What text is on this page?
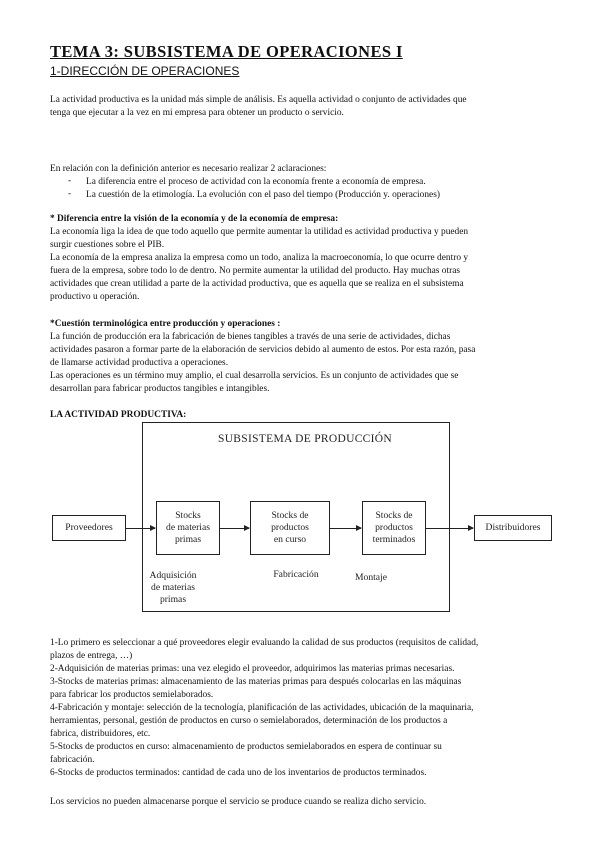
TEMA 3: SUBSISTEMA DE OPERACIONES I
1-DIRECCIÓN DE OPERACIONES
La actividad productiva es la unidad más simple de análisis. Es aquella actividad o conjunto de actividades que
tenga que ejecutar a la vez en mi empresa para obtener un producto o servicio.
En relación con la definición anterior es necesario realizar 2 aclaraciones:
- La diferencia entre el proceso de actividad con la economía frente a economía de empresa.
- La cuestión de la etimología. La evolución con el paso del tiempo (Producción y. operaciones)
* Diferencia entre la visión de la economía y de la economía de empresa:
La economía liga la idea de que todo aquello que permite aumentar la utilidad es actividad productiva y pueden
surgir cuestiones sobre el PIB.
La economía de la empresa analiza la empresa como un todo, analiza la macroeconomía, lo que ocurre dentro y
fuera de la empresa, sobre todo lo de dentro. No permite aumentar la utilidad del producto. Hay muchas otras
actividades que crean utilidad a parte de la actividad productiva, que es aquella que se realiza en el subsistema
productivo u operación.
*Cuestión terminológica entre producción y operaciones :
La función de producción era la fabricación de bienes tangibles a través de una serie de actividades, dichas
actividades pasaron a formar parte de la elaboración de servicios debido al aumento de estos. Por esta razón, pasa
de llamarse actividad productiva a operaciones.
Las operaciones es un término muy amplio, el cual desarrolla servicios. Es un conjunto de actividades que se
desarrollan para fabricar productos tangibles e intangibles.
LA ACTIVIDAD PRODUCTIVA:
SUBSISTEMA DE PRODUCCIÓN
Proveedores
Stocks
de materias
primas
Stocks de
productos
en curso
Stocks de
productos
terminados
Distribuidores
Adquisición
de materias
primas
Fabricación	Montaje
1-Lo primero es seleccionar a qué proveedores elegir evaluando la calidad de sus productos (requisitos de calidad,
plazos de entrega, …)
2-Adquisición de materias primas: una vez elegido el proveedor, adquirimos las materias primas necesarias.
3-Stocks de materias primas: almacenamiento de las materias primas para después colocarlas en las máquinas
para fabricar los productos semielaborados.
4-Fabricación y montaje: selección de la tecnología, planificación de las actividades, ubicación de la maquinaria,
herramientas, personal, gestión de productos en curso o semielaborados, determinación de los productos a
fabrica, distribuidores, etc.
5-Stocks de productos en curso: almacenamiento de productos semielaborados en espera de continuar su
fabricación.
6-Stocks de productos terminados: cantidad de cada uno de los inventarios de productos terminados.
Los servicios no pueden almacenarse porque el servicio se produce cuando se realiza dicho servicio.
